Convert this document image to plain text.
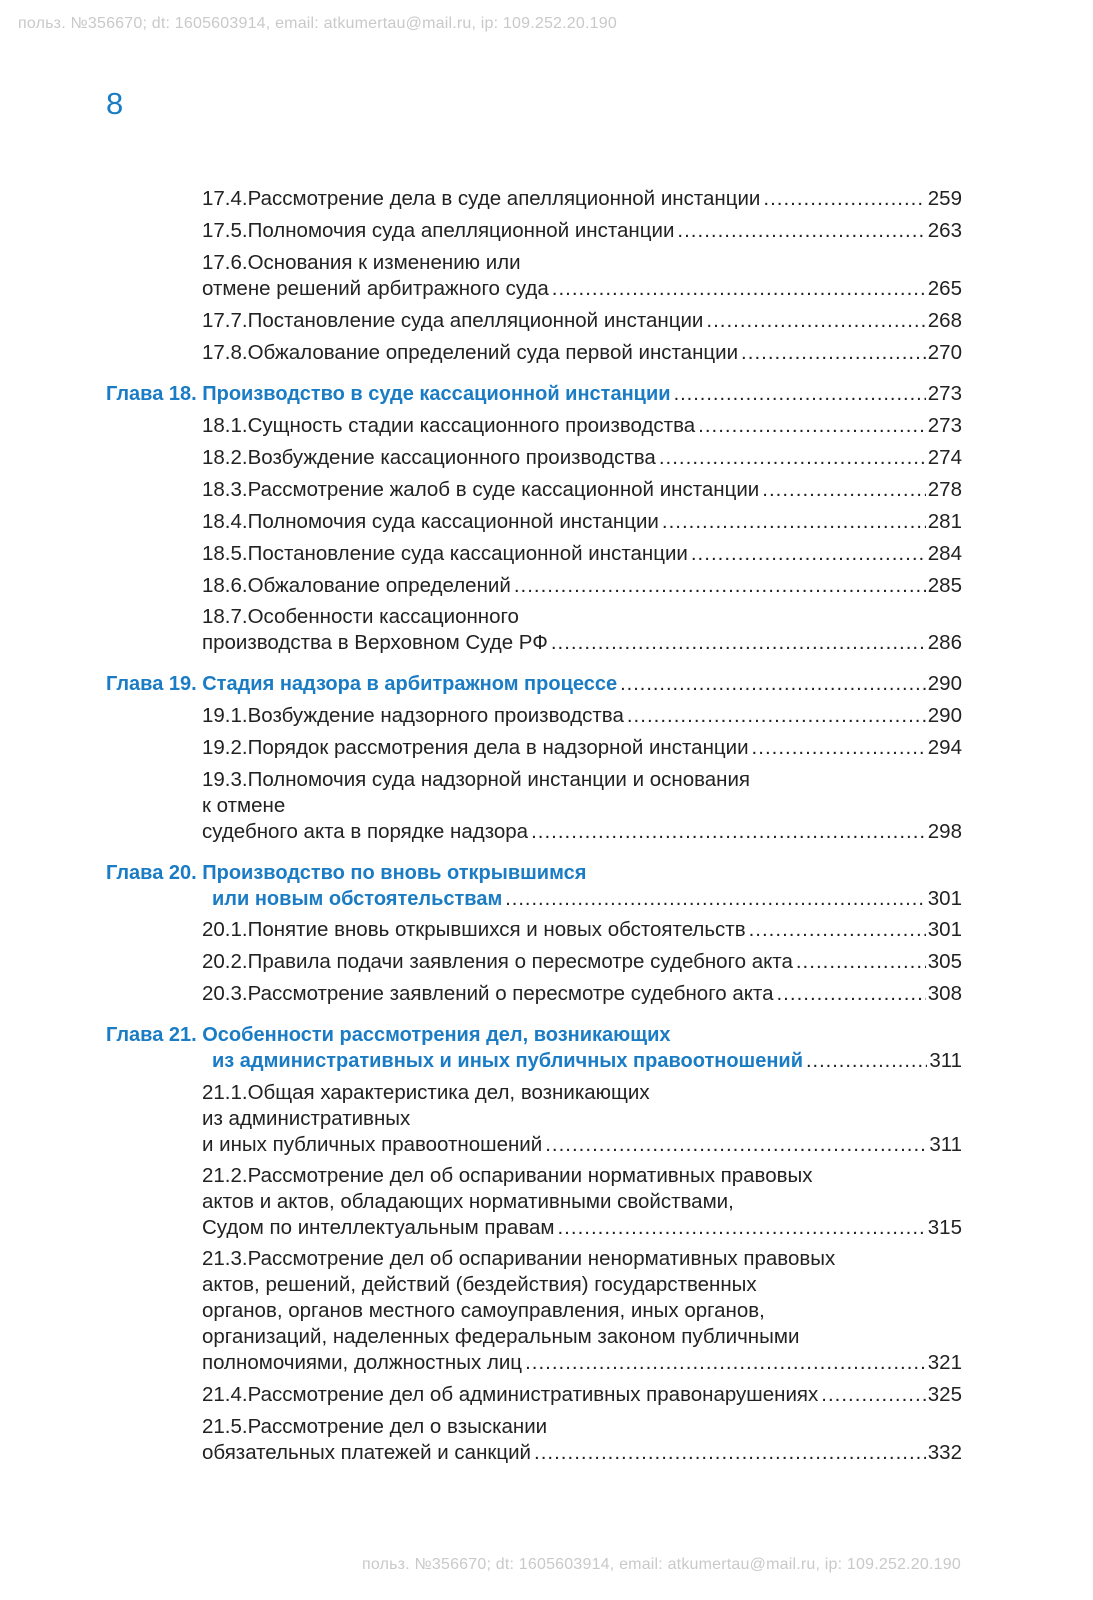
польз. №356670; dt: 1605603914, email: atkumertau@mail.ru, ip: 109.252.20.190
8
17.4.Рассмотрение дела в суде апелляционной инстанции .....	259
17.5.Полномочия суда апелляционной инстанции .....	263
17.6.Основания к изменению или
отмене решений арбитражного суда .....	265
17.7.Постановление суда апелляционной инстанции .....	268
17.8.Обжалование определений суда первой инстанции .....	270
Глава 18. Производство в суде кассационной инстанции .....	273
18.1.Сущность стадии кассационного производства .....	273
18.2.Возбуждение кассационного производства .....	274
18.3.Рассмотрение жалоб в суде кассационной инстанции .....	278
18.4.Полномочия суда кассационной инстанции .....	281
18.5.Постановление суда кассационной инстанции .....	284
18.6.Обжалование определений .....	285
18.7.Особенности кассационного
производства в Верховном Суде РФ .....	286
Глава 19. Стадия надзора в арбитражном процессе .....	290
19.1.Возбуждение надзорного производства .....	290
19.2.Порядок рассмотрения дела в надзорной инстанции .....	294
19.3.Полномочия суда надзорной инстанции и основания
к отмене
судебного акта в порядке надзора .....	298
Глава 20. Производство по вновь открывшимся
или новым обстоятельствам .....	301
20.1.Понятие вновь открывшихся и новых обстоятельств .....	301
20.2.Правила подачи заявления о пересмотре судебного акта .....	305
20.3.Рассмотрение заявлений о пересмотре судебного акта .....	308
Глава 21. Особенности рассмотрения дел, возникающих
из административных и иных публичных правоотношений .....	311
21.1.Общая характеристика дел, возникающих
из административных
и иных публичных правоотношений .....	311
21.2.Рассмотрение дел об оспаривании нормативных правовых
актов и актов, обладающих нормативными свойствами,
Судом по интеллектуальным правам .....	315
21.3.Рассмотрение дел об оспаривании ненормативных правовых
актов, решений, действий (бездействия) государственных
органов, органов местного самоуправления, иных органов,
организаций, наделенных федеральным законом публичными
полномочиями, должностных лиц .....	321
21.4.Рассмотрение дел об административных правонарушениях .....	325
21.5.Рассмотрение дел о взыскании
обязательных платежей и санкций .....	332
польз. №356670; dt: 1605603914, email: atkumertau@mail.ru, ip: 109.252.20.190
